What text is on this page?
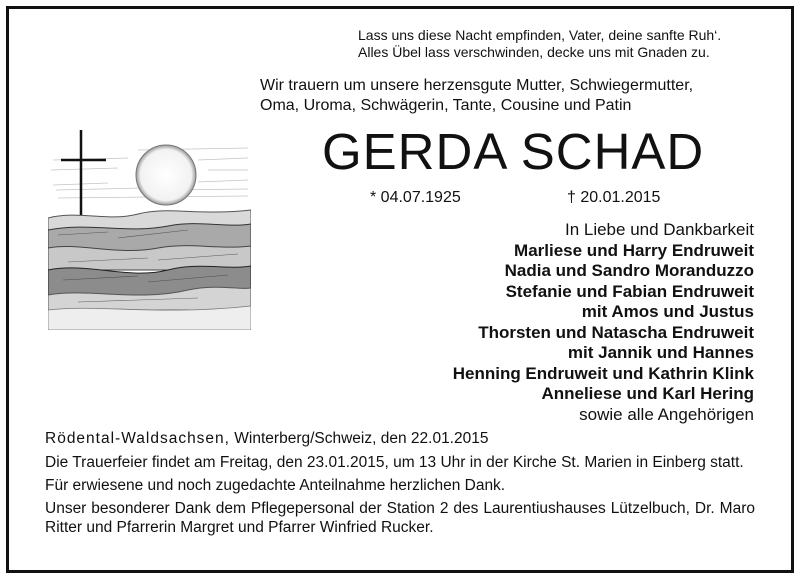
Lass uns diese Nacht empfinden, Vater, deine sanfte Ruh‘.
Alles Übel lass verschwinden, decke uns mit Gnaden zu.
Wir trauern um unsere herzensgute Mutter, Schwiegermutter,
Oma, Uroma, Schwägerin, Tante, Cousine und Patin
GERDA SCHAD
* 04.07.1925	† 20.01.2015
In Liebe und Dankbarkeit
Marliese und Harry Endruweit
Nadia und Sandro Moranduzzo
Stefanie und Fabian Endruweit
mit Amos und Justus
Thorsten und Natascha Endruweit
mit Jannik und Hannes
Henning Endruweit und Kathrin Klink
Anneliese und Karl Hering
sowie alle Angehörigen

Rödental-Waldsachsen, Winterberg/Schweiz, den 22.01.2015

Die Trauerfeier findet am Freitag, den 23.01.2015, um 13 Uhr in der Kirche St. Marien in Einberg statt.

Für erwiesene und noch zugedachte Anteilnahme herzlichen Dank.

Unser besonderer Dank dem Pflegepersonal der Station 2 des Laurentiushauses Lützelbuch, Dr. Maro Ritter und Pfarrerin Margret und Pfarrer Winfried Rucker.
